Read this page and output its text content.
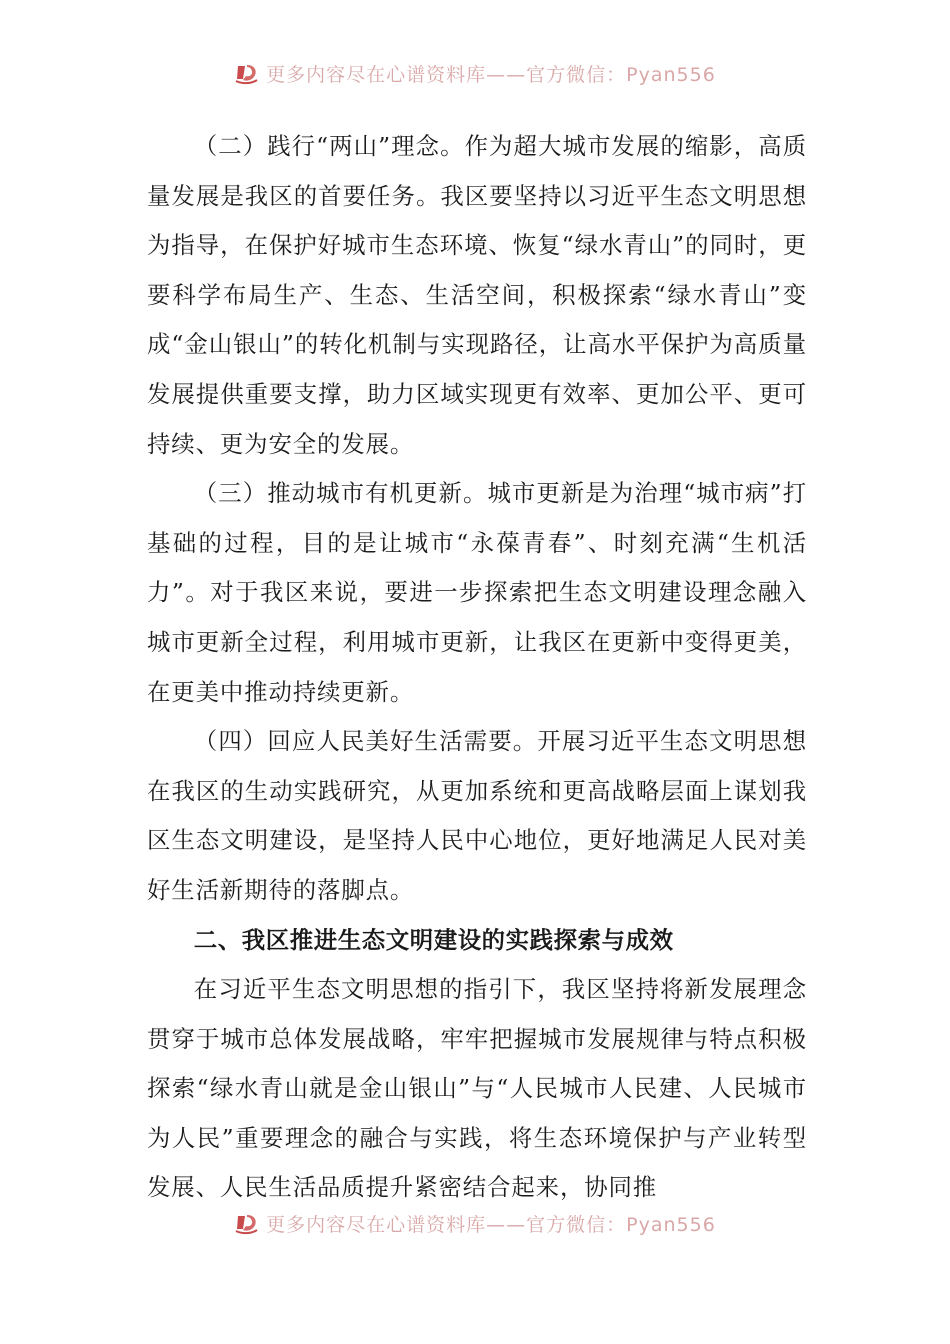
更多内容尽在心谱资料库——官方微信：Pyan556

（二）践行“两山”理念。作为超大城市发展的缩影，高质量发展是我区的首要任务。我区要坚持以习近平生态文明思想为指导，在保护好城市生态环境、恢复“绿水青山”的同时，更要科学布局生产、生态、生活空间，积极探索“绿水青山”变成“金山银山”的转化机制与实现路径，让高水平保护为高质量发展提供重要支撑，助力区域实现更有效率、更加公平、更可持续、更为安全的发展。

（三）推动城市有机更新。城市更新是为治理“城市病”打基础的过程，目的是让城市“永葆青春”、时刻充满“生机活力”。对于我区来说，要进一步探索把生态文明建设理念融入城市更新全过程，利用城市更新，让我区在更新中变得更美，在更美中推动持续更新。

（四）回应人民美好生活需要。开展习近平生态文明思想在我区的生动实践研究，从更加系统和更高战略层面上谋划我区生态文明建设，是坚持人民中心地位，更好地满足人民对美好生活新期待的落脚点。

二、我区推进生态文明建设的实践探索与成效

在习近平生态文明思想的指引下，我区坚持将新发展理念贯穿于城市总体发展战略，牢牢把握城市发展规律与特点积极探索“绿水青山就是金山银山”与“人民城市人民建、人民城市为人民”重要理念的融合与实践，将生态环境保护与产业转型发展、人民生活品质提升紧密结合起来，协同推

更多内容尽在心谱资料库——官方微信：Pyan556
